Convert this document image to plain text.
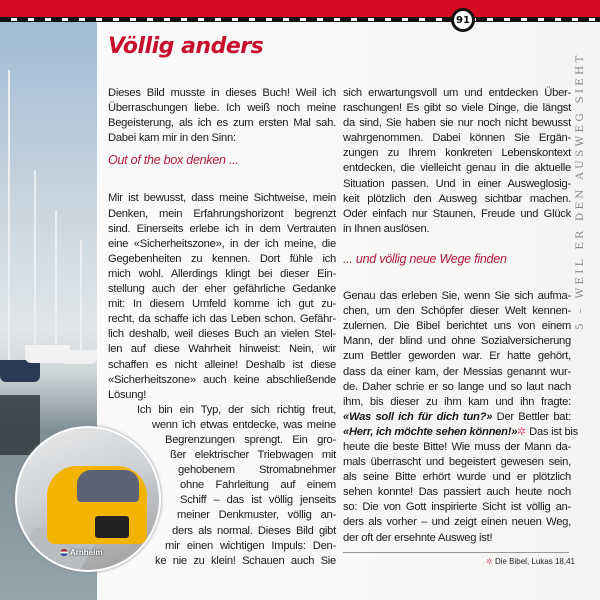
91
5 – WEIL ER DEN AUSWEG SIEHT
Völlig anders
Arnheim
Dieses Bild musste in dieses Buch! Weil ich
Überraschungen liebe. Ich weiß noch meine
Begeisterung, als ich es zum ersten Mal sah.
Dabei kam mir in den Sinn:
Out of the box denken ...
Mir ist bewusst, dass meine Sichtweise, mein
Denken, mein Erfahrungshorizont begrenzt
sind. Einerseits erlebe ich in dem Vertrauten
eine «Sicherheitszone», in der ich meine, die
Gegebenheiten zu kennen. Dort fühle ich
mich wohl. Allerdings klingt bei dieser Ein-
stellung auch der eher gefährliche Gedanke
mit: In diesem Umfeld komme ich gut zu-
recht, da schaffe ich das Leben schon. Gefähr-
lich deshalb, weil dieses Buch an vielen Stel-
len auf diese Wahrheit hinweist: Nein, wir
schaffen es nicht alleine! Deshalb ist diese
«Sicherheitszone» auch keine abschließende
Lösung!
Ich bin ein Typ, der sich richtig freut,
wenn ich etwas entdecke, was meine
Begrenzungen sprengt. Ein gro-
ßer elektrischer Triebwagen mit
gehobenem Stromabnehmer
ohne Fahrleitung auf einem
Schiff – das ist völlig jenseits
meiner Denkmuster, völlig an-
ders als normal. Dieses Bild gibt
mir einen wichtigen Impuls: Den-
ke nie zu klein! Schauen auch Sie
sich erwartungsvoll um und entdecken Über-
raschungen! Es gibt so viele Dinge, die längst
da sind, Sie haben sie nur noch nicht bewusst
wahrgenommen. Dabei können Sie Ergän-
zungen zu Ihrem konkreten Lebenskontext
entdecken, die vielleicht genau in die aktuelle
Situation passen. Und in einer Ausweglosig-
keit plötzlich den Ausweg sichtbar machen.
Oder einfach nur Staunen, Freude und Glück
in Ihnen auslösen.
... und völlig neue Wege finden
Genau das erleben Sie, wenn Sie sich aufma-
chen, um den Schöpfer dieser Welt kennen-
zulernen. Die Bibel berichtet uns von einem
Mann, der blind und ohne Sozialversicherung
zum Bettler geworden war. Er hatte gehört,
dass da einer kam, der Messias genannt wur-
de. Daher schrie er so lange und so laut nach
ihm, bis dieser zu ihm kam und ihn fragte:
«Was soll ich für dich tun?» Der Bettler bat:
«Herr, ich möchte sehen können!»✲ Das ist bis
heute die beste Bitte! Wie muss der Mann da-
mals überrascht und begeistert gewesen sein,
als seine Bitte erhört wurde und er plötzlich
sehen konnte! Das passiert auch heute noch
so: Die von Gott inspirierte Sicht ist völlig an-
ders als vorher – und zeigt einen neuen Weg,
der oft der ersehnte Ausweg ist!
✲ Die Bibel, Lukas 18,41
